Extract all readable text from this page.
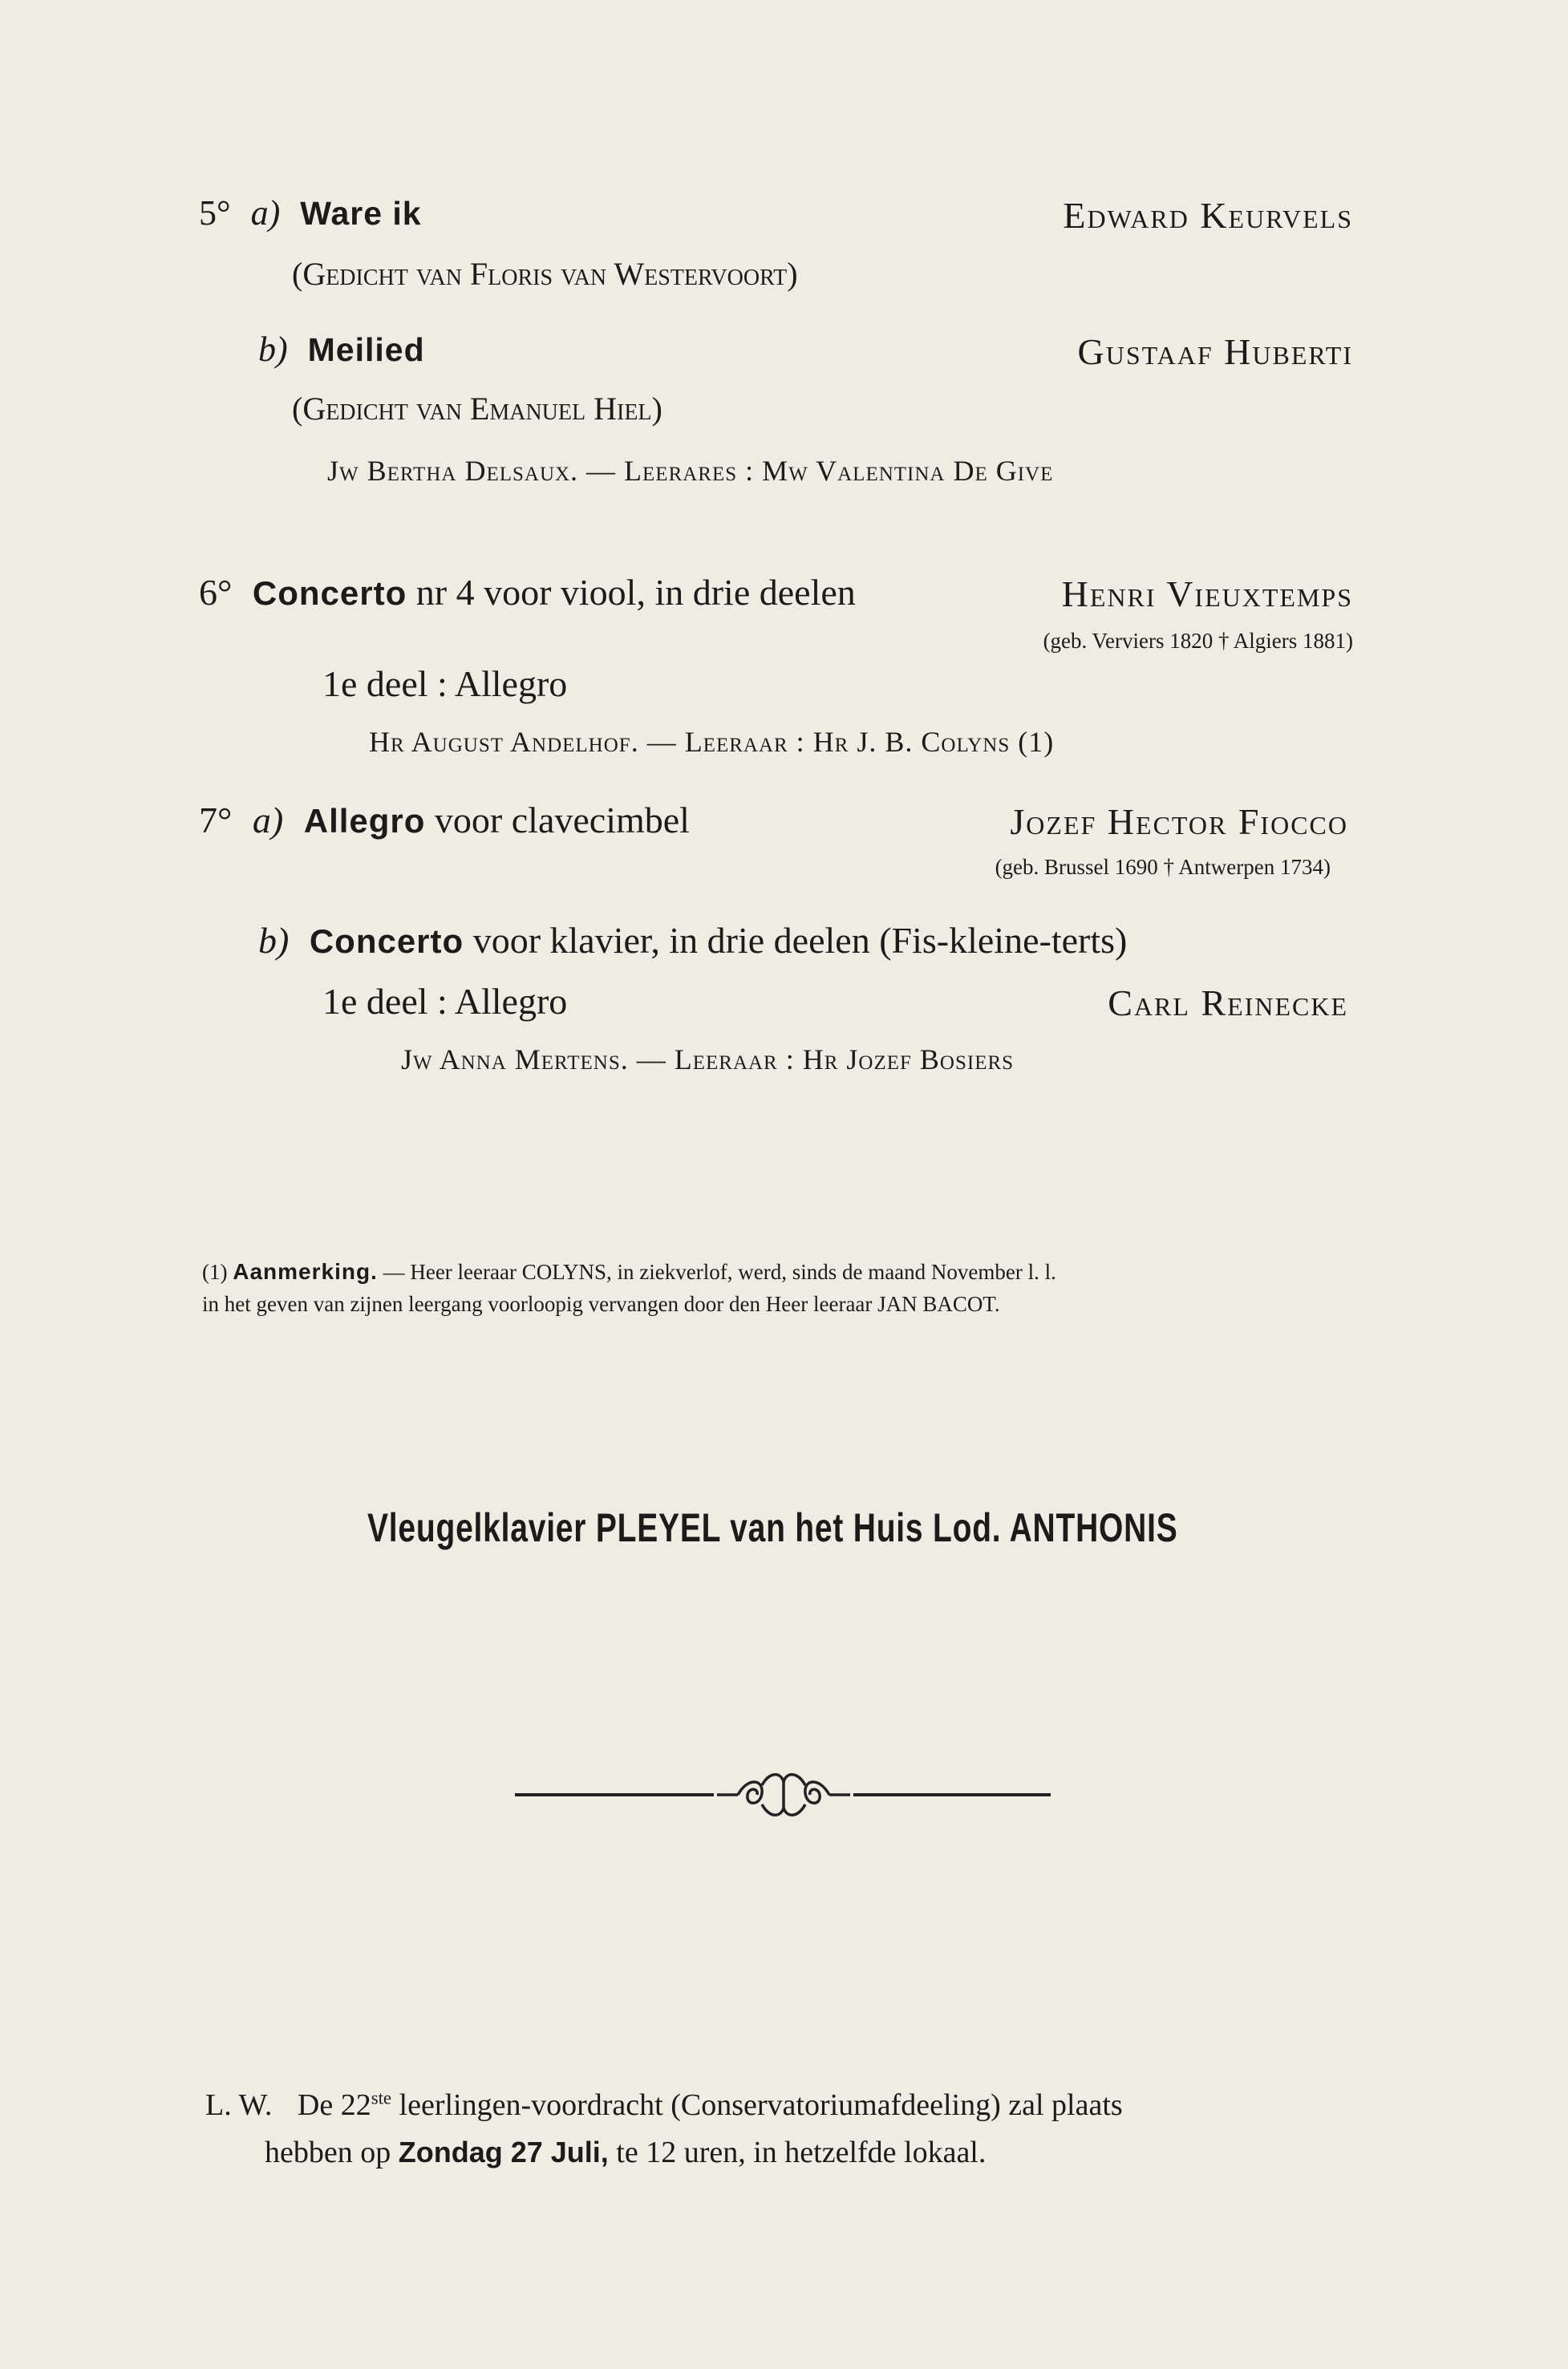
5° a) Ware ik	Edward Keurvels
(Gedicht van Floris van Westervoort)
b) Meilied	Gustaaf Huberti
(Gedicht van Emanuel Hiel)
Jw Bertha Delsaux. — Leerares : Mw Valentina De Give
6° Concerto nr 4 voor viool, in drie deelen	Henri Vieuxtemps
(geb. Verviers 1820 † Algiers 1881)
1e deel : Allegro
Hr August Andelhof. — Leeraar : Hr J. B. Colyns (1)
7° a) Allegro voor clavecimbel	Jozef Hector Fiocco
(geb. Brussel 1690 † Antwerpen 1734)
b) Concerto voor klavier, in drie deelen (Fis-kleine-terts)
1e deel : Allegro	Carl Reinecke
Jw Anna Mertens. — Leeraar : Hr Jozef Bosiers
(1) Aanmerking. — Heer leeraar COLYNS, in ziekverlof, werd, sinds de maand November l. l.
in het geven van zijnen leergang voorloopig vervangen door den Heer leeraar JAN BACOT.
Vleugelklavier PLEYEL van het Huis Lod. ANTHONIS
L. W. De 22ste leerlingen-voordracht (Conservatoriumafdeeling) zal plaats
hebben op Zondag 27 Juli, te 12 uren, in hetzelfde lokaal.
